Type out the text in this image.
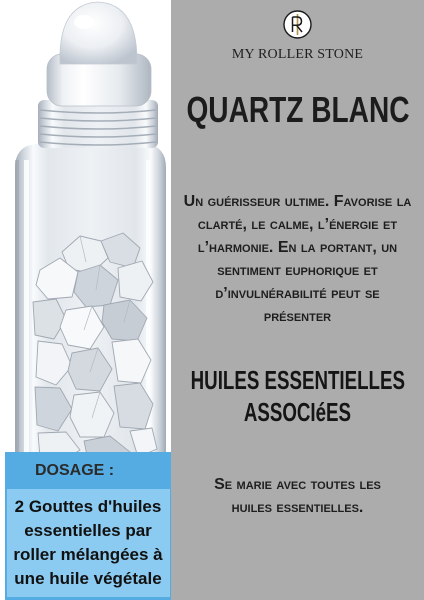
MY ROLLER STONE
QUARTZ BLANC
Un guérisseur ultime. Favorise la
clarté, le calme, l’énergie et
l’harmonie. En la portant, un
sentiment euphorique et
d’invulnérabilité peut se
présenter
HUILES ESSENTIELLES
ASSOCIéES
Se marie avec toutes les
huiles essentielles.
DOSAGE :
2 Gouttes d'huiles
essentielles par
roller mélangées à
une huile végétale
